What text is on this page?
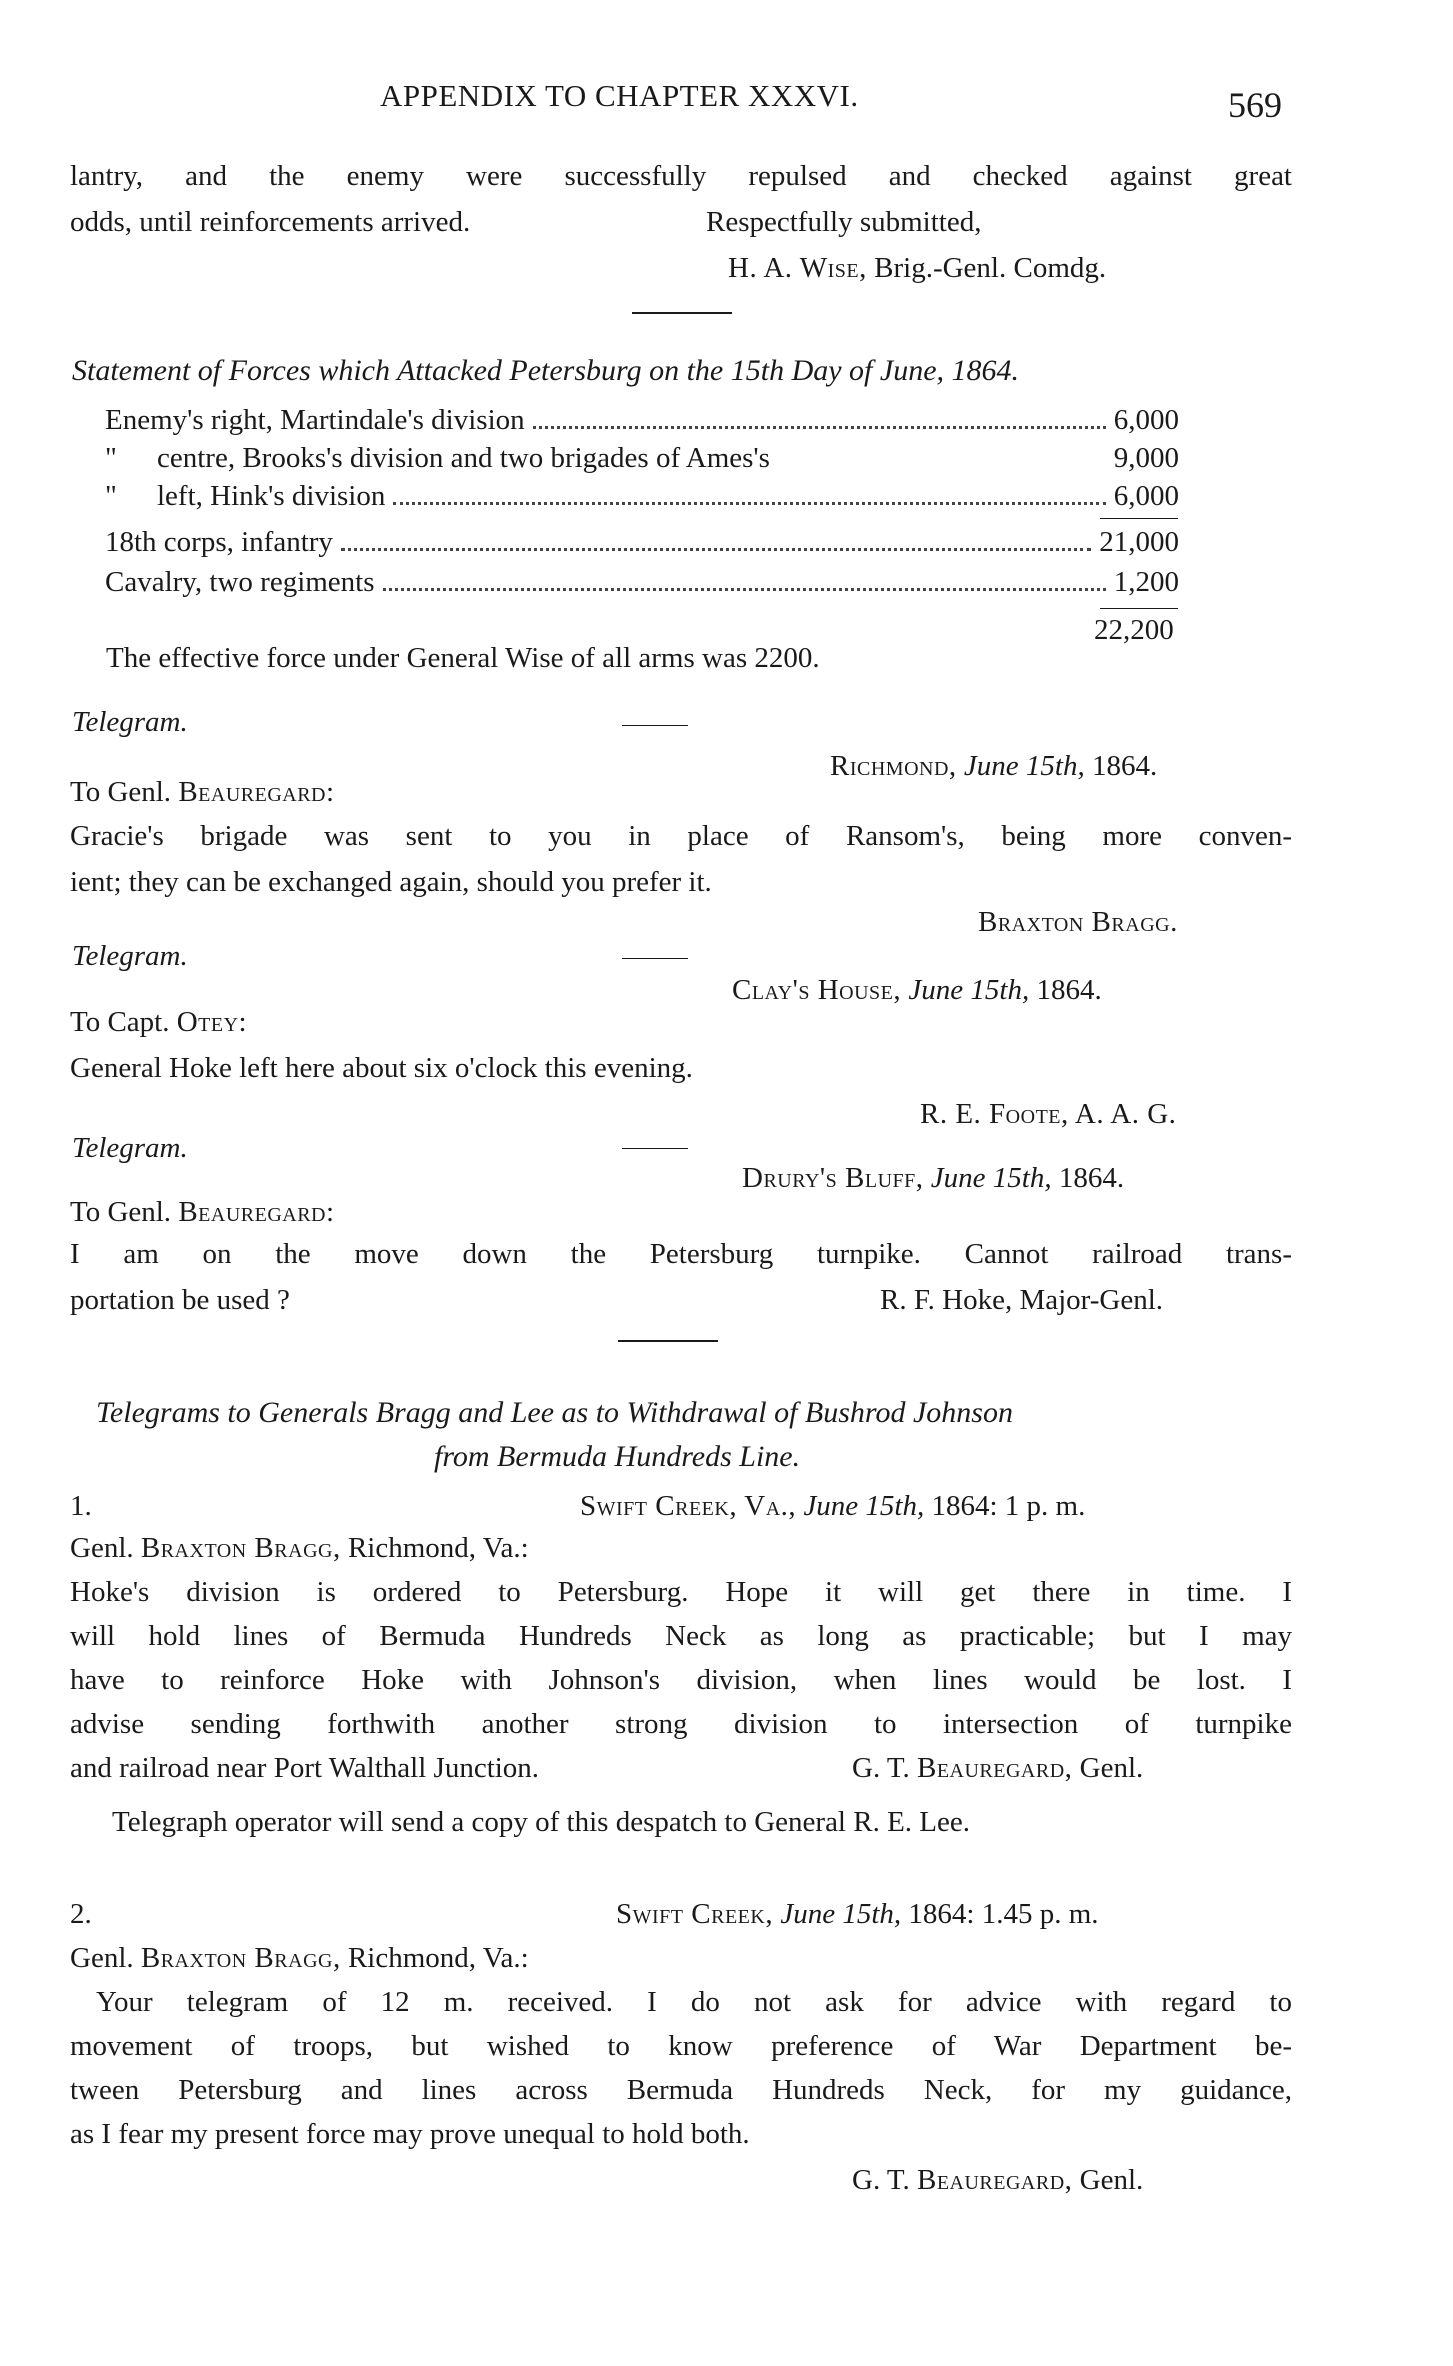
APPENDIX TO CHAPTER XXXVI.	569
lantry, and the enemy were successfully repulsed and checked against great
odds, until reinforcements arrived.	Respectfully submitted,
H. A. Wise, Brig.-Genl. Comdg.
Statement of Forces which Attacked Petersburg on the 15th Day of June, 1864.
Enemy's right, Martindale's division	6,000
" centre, Brooks's division and two brigades of Ames's	9,000
" left, Hink's division	6,000
18th corps, infantry	21,000
Cavalry, two regiments	1,200
22,200
The effective force under General Wise of all arms was 2200.
Telegram.
Richmond, June 15th, 1864.
To Genl. Beauregard:
Gracie's brigade was sent to you in place of Ransom's, being more conven-
ient; they can be exchanged again, should you prefer it.
Braxton Bragg.
Telegram.
Clay's House, June 15th, 1864.
To Capt. Otey:
General Hoke left here about six o'clock this evening.
R. E. Foote, A. A. G.
Telegram.
Drury's Bluff, June 15th, 1864.
To Genl. Beauregard:
I am on the move down the Petersburg turnpike. Cannot railroad trans-
portation be used ?	R. F. Hoke, Major-Genl.
Telegrams to Generals Bragg and Lee as to Withdrawal of Bushrod Johnson
from Bermuda Hundreds Line.
1.	Swift Creek, Va., June 15th, 1864: 1 p. m.
Genl. Braxton Bragg, Richmond, Va.:
Hoke's division is ordered to Petersburg. Hope it will get there in time. I
will hold lines of Bermuda Hundreds Neck as long as practicable; but I may
have to reinforce Hoke with Johnson's division, when lines would be lost. I
advise sending forthwith another strong division to intersection of turnpike
and railroad near Port Walthall Junction.	G. T. Beauregard, Genl.
Telegraph operator will send a copy of this despatch to General R. E. Lee.
2.	Swift Creek, June 15th, 1864: 1.45 p. m.
Genl. Braxton Bragg, Richmond, Va.:
Your telegram of 12 m. received. I do not ask for advice with regard to
movement of troops, but wished to know preference of War Department be-
tween Petersburg and lines across Bermuda Hundreds Neck, for my guidance,
as I fear my present force may prove unequal to hold both.
G. T. Beauregard, Genl.
